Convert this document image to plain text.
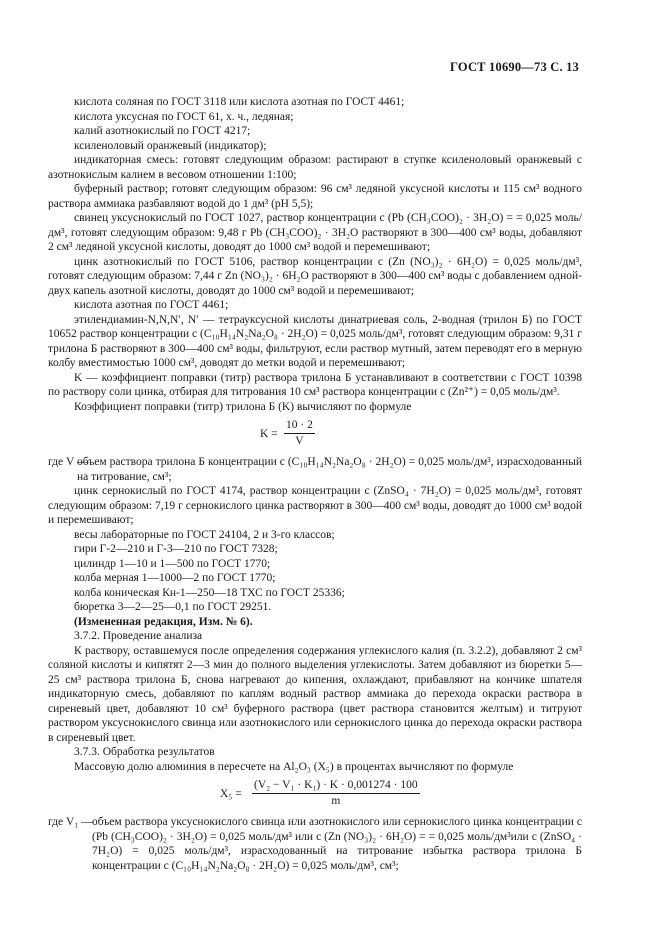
ГОСТ 10690—73 С. 13

кислота соляная по ГОСТ 3118 или кислота азотная по ГОСТ 4461;

кислота уксусная по ГОСТ 61, х. ч., ледяная;

калий азотнокислый по ГОСТ 4217;

ксиленоловый оранжевый (индикатор);

индикаторная смесь: готовят следующим образом: растирают в ступке ксиленоловый оранжевый с азотнокислым калием в весовом отношении 1:100;

буферный раствор; готовят следующим образом: 96 см³ ледяной уксусной кислоты и 115 см³ водного раствора аммиака разбавляют водой до 1 дм³ (рН 5,5);

свинец уксуснокислый по ГОСТ 1027, раствор концентрации c (Pb (CH₃COO)₂ · 3H₂O) = = 0,025 моль/дм³, готовят следующим образом: 9,48 г Pb (CH₃COO)₂ · 3H₂O растворяют в 300—400 см³ воды, добавляют 2 см³ ледяной уксусной кислоты, доводят до 1000 см³ водой и перемешивают;

цинк азотнокислый по ГОСТ 5106, раствор концентрации c (Zn (NO₃)₂ · 6H₂O) = 0,025 моль/дм³, готовят следующим образом: 7,44 г Zn (NO₃)₂ · 6H₂O растворяют в 300—400 см³ воды с добавлением одной-двух капель азотной кислоты, доводят до 1000 см³ водой и перемешивают;

кислота азотная по ГОСТ 4461;

этилендиамин-N,N,N′, N′ — тетрауксусной кислоты динатриевая соль, 2-водная (трилон Б) по ГОСТ 10652 раствор концентрации c (C₁₀H₁₄N₂Na₂O₈ · 2H₂O) = 0,025 моль/дм³, готовят следующим образом: 9,31 г трилона Б растворяют в 300—400 см³ воды, фильтруют, если раствор мутный, затем переводят его в мерную колбу вместимостью 1000 см³, доводят до метки водой и перемешивают;

K — коэффициент поправки (титр) раствора трилона Б устанавливают в соответствии с ГОСТ 10398 по раствору соли цинка, отбирая для титрования 10 см³ раствора концентрации c (Zn²⁺) = 0,05 моль/дм³.

Коэффициент поправки (титр) трилона Б (K) вычисляют по формуле

$K = \frac{10 \cdot 2}{V}$
где V —
объем раствора трилона Б концентрации c (C₁₀H₁₄N₂Na₂O₈ · 2H₂O) = 0,025 моль/дм³, израсходованный на титрование, см³;

цинк сернокислый по ГОСТ 4174, раствор концентрации c (ZnSO₄ · 7H₂O) = 0,025 моль/дм³, готовят следующим образом: 7,19 г сернокислого цинка растворяют в 300—400 см³ воды, доводят до 1000 см³ водой и перемешивают;

весы лабораторные по ГОСТ 24104, 2 и 3-го классов;

гири Г-2—210 и Г-3—210 по ГОСТ 7328;

цилиндр 1—10 и 1—500 по ГОСТ 1770;

колба мерная 1—1000—2 по ГОСТ 1770;

колба коническая Кн-1—250—18 ТХС по ГОСТ 25336;

бюретка 3—2—25—0,1 по ГОСТ 29251.

(Измененная редакция, Изм. № 6).

3.7.2. Проведение анализа

К раствору, оставшемуся после определения содержания углекислого калия (п. 3.2.2), добавляют 2 см³ соляной кислоты и кипятят 2—3 мин до полного выделения углекислоты. Затем добавляют из бюретки 5—25 см³ раствора трилона Б, снова нагревают до кипения, охлаждают, прибавляют на кончике шпателя индикаторную смесь, добавляют по каплям водный раствор аммиака до перехода окраски раствора в сиреневый цвет, добавляют 10 см³ буферного раствора (цвет раствора становится желтым) и титруют раствором уксуснокислого свинца или азотнокислого или сернокислого цинка до перехода окраски раствора в сиреневый цвет.

3.7.3. Обработка результатов

Массовую долю алюминия в пересчете на Al₂O₃ (X₅) в процентах вычисляют по формуле

$X_5 = \frac{\text{(V₂ − V₁ · K₁) · K · 0,001274 · 100}}{m}$
где V₁ — объем раствора уксуснокислого свинца или азотнокислого или сернокислого цинка концентрации c (Pb (CH₃COO)₂ · 3H₂O) = 0,025 моль/дм³ или c (Zn (NO₃)₂ · 6H₂O) = = 0,025 моль/дм³или c (ZnSO₄ · 7H₂O) = 0,025 моль/дм³, израсходованный на титрование избытка раствора трилона Б концентрации c (C₁₀H₁₄N₂Na₂O₈ · 2H₂O) = 0,025 моль/дм³, см³;
